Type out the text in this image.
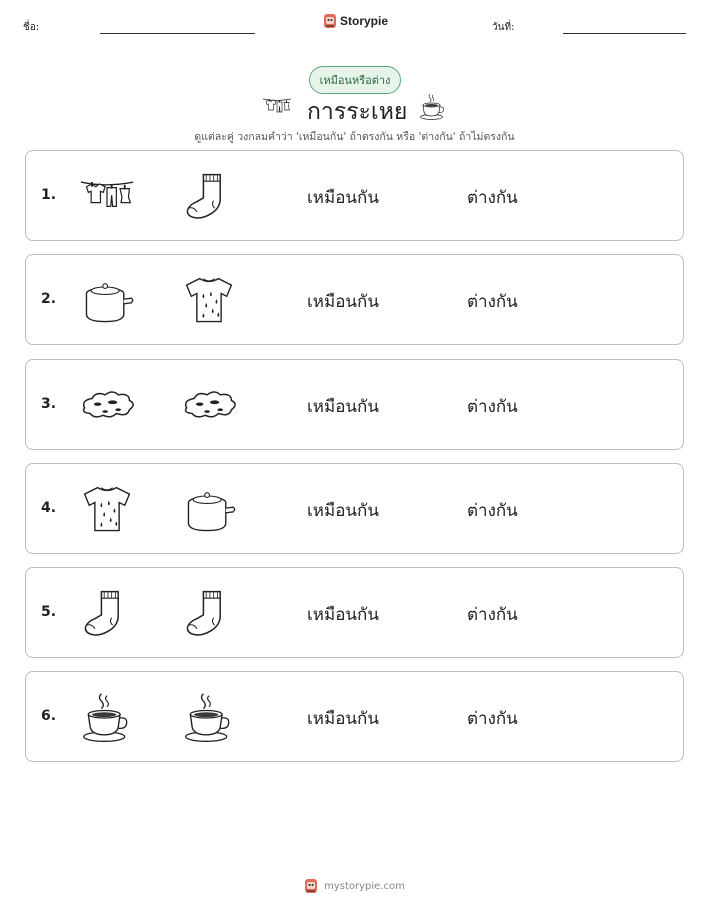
ชื่อ:	Storypie	วันที่:
เหมือนหรือต่าง
การระเหย
ดูแต่ละคู่ วงกลมคำว่า 'เหมือนกัน' ถ้าตรงกัน หรือ 'ต่างกัน' ถ้าไม่ตรงกัน
1.	เหมือนกัน	ต่างกัน
2.	เหมือนกัน	ต่างกัน
3.	เหมือนกัน	ต่างกัน
4.	เหมือนกัน	ต่างกัน
5.	เหมือนกัน	ต่างกัน
6.	เหมือนกัน	ต่างกัน
mystorypie.com
